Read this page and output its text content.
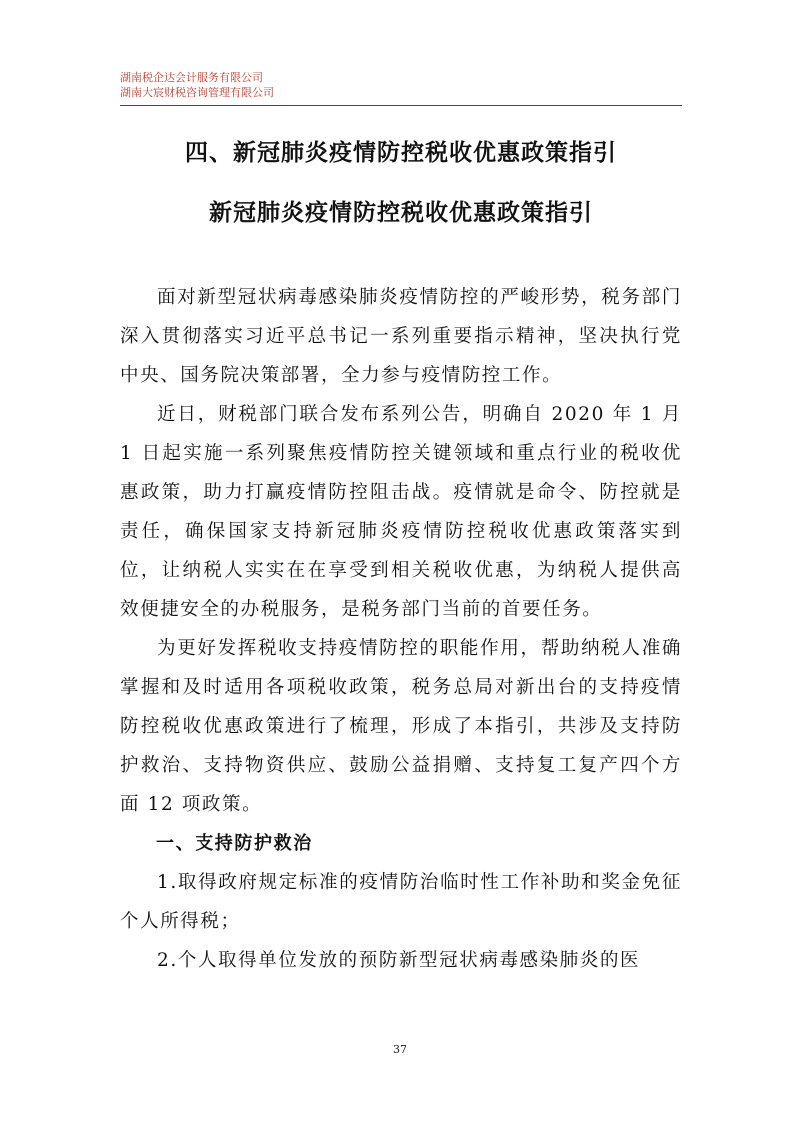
湖南税企达会计服务有限公司
湖南大宸财税咨询管理有限公司
四、新冠肺炎疫情防控税收优惠政策指引
新冠肺炎疫情防控税收优惠政策指引

面对新型冠状病毒感染肺炎疫情防控的严峻形势，税务部门深入贯彻落实习近平总书记一系列重要指示精神，坚决执行党中央、国务院决策部署，全力参与疫情防控工作。

近日，财税部门联合发布系列公告，明确自 2020 年 1 月 1 日起实施一系列聚焦疫情防控关键领域和重点行业的税收优惠政策，助力打赢疫情防控阻击战。疫情就是命令、防控就是责任，确保国家支持新冠肺炎疫情防控税收优惠政策落实到位，让纳税人实实在在享受到相关税收优惠，为纳税人提供高效便捷安全的办税服务，是税务部门当前的首要任务。

为更好发挥税收支持疫情防控的职能作用，帮助纳税人准确掌握和及时适用各项税收政策，税务总局对新出台的支持疫情防控税收优惠政策进行了梳理，形成了本指引，共涉及支持防护救治、支持物资供应、鼓励公益捐赠、支持复工复产四个方面 12 项政策。

一、支持防护救治

1.取得政府规定标准的疫情防治临时性工作补助和奖金免征个人所得税；

2.个人取得单位发放的预防新型冠状病毒感染肺炎的医

37
